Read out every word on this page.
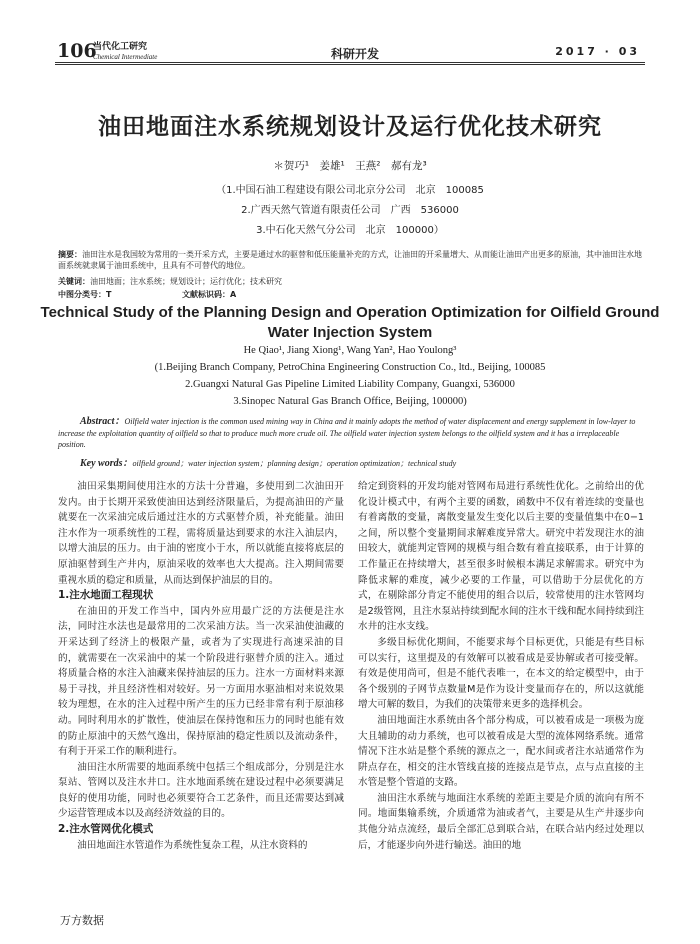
106
当代化工研究
Chemical Intermediate	科研开发	2017 · 03
油田地面注水系统规划设计及运行优化技术研究
＊贺巧¹　姜雄¹　王燕²　郝有龙³
（1.中国石油工程建设有限公司北京分公司　北京　100085
2.广西天然气管道有限责任公司　广西　536000
3.中石化天然气分公司　北京　100000）
摘要：油田注水是我国较为常用的一类开采方式，主要是通过水的驱替和低压能量补充的方式，让油田的开采量增大、从而能让油田产出更多的原油，其中油田注水地面系统就隶属于油田系统中，且具有不可替代的地位。
关键词：油田地面；注水系统；规划设计；运行优化；技术研究
中图分类号：T	文献标识码：A
Technical Study of the Planning Design and Operation Optimization for Oilfield Ground Water Injection System
He Qiao¹, Jiang Xiong¹, Wang Yan², Hao Youlong³
(1.Beijing Branch Company, PetroChina Engineering Construction Co., ltd., Beijing, 100085
2.Guangxi Natural Gas Pipeline Limited Liability Company, Guangxi, 536000
3.Sinopec Natural Gas Branch Office, Beijing, 100000)
Abstract：Oilfield water injection is the common used mining way in China and it mainly adopts the method of water displacement and energy supplement in low-layer to increase the exploitation quantity of oilfield so that to produce much more crude oil. The oilfield water injection system belongs to the oilfield system and it has a irreplaceable position.
Key words：oilfield ground；water injection system；planning design；operation optimization；technical study

油田采集期间使用注水的方法十分普遍，多使用到二次油田开发内。由于长期开采致使油田达到经济限量后，为提高油田的产量就要在一次采油完成后通过注水的方式驱替介质，补充能量。油田注水作为一项系统性的工程，需将质量达到要求的水注入油层内，以增大油层的压力。由于油的密度小于水，所以就能直接将底层的原油驱替到生产井内，原油采收的效率也大大提高。注入期间需要重视水质的稳定和质量，从而达到保护油层的目的。

1.注水地面工程现状

在油田的开发工作当中，国内外应用最广泛的方法便是注水法，同时注水法也是最常用的二次采油方法。当一次采油使油藏的开采达到了经济上的极限产量，或者为了实现进行高速采油的目的，就需要在一次采油中的某一个阶段进行驱替介质的注入。通过将质量合格的水注入油藏来保持油层的压力。注水一方面材料来源易于寻找，并且经济性相对较好。另一方面用水驱油相对来说效果较为理想，在水的注入过程中所产生的压力已经非常有利于原油移动。同时利用水的扩散性，使油层在保持饱和压力的同时也能有效的防止原油中的天然气逸出，保持原油的稳定性质以及流动条件，有利于开采工作的顺利进行。

油田注水所需要的地面系统中包括三个组成部分，分别是注水泵站、管网以及注水井口。注水地面系统在建设过程中必须要满足良好的使用功能，同时也必须要符合工艺条件，而且还需要达到减少运营管理成本以及高经济效益的目的。

2.注水管网优化模式

油田地面注水管道作为系统性复杂工程，从注水资料的

给定到资料的开发均能对管网布局进行系统性优化。之前给出的优化设计模式中，有两个主要的函数，函数中不仅有着连续的变量也有着离散的变量，离散变量发生变化以后主要的变量值集中在0−1之间，所以整个变量期间求解难度异常大。研究中若发现注水的油田较大，就能判定管网的规模与组合数有着直接联系，由于计算的工作量正在持续增大，甚至很多时候根本满足求解需求。研究中为降低求解的难度，减少必要的工作量，可以借助于分层优化的方式，在剔除部分肯定不能使用的组合以后，较常使用的注水管网均是2级管网，且注水泵站持续到配水间的注水干线和配水间持续到注水井的注水支线。

多级目标优化期间，不能要求每个目标更优，只能是有些目标可以实行，这里提及的有效解可以被看成是妥协解或者可接受解。有效是使用尚可，但是不能代表唯一，在本文的给定模型中，由于各个级别的子网节点数量M是作为设计变量而存在的，所以这就能增大可解的数目，为我们的决策带来更多的选择机会。

油田地面注水系统由各个部分构成，可以被看成是一项极为庞大且辅助的动力系统，也可以被看成是大型的流体网络系统。通常情况下注水站是整个系统的源点之一，配水间或者注水站通常作为阱点存在，相交的注水管线直接的连接点是节点，点与点直接的主水管是整个管道的支路。

油田注水系统与地面注水系统的差距主要是介质的流向有所不同。地面集输系统，介质通常为油或者气，主要是从生产井逐步向其他分站点流经，最后全部汇总到联合站，在联合站内经过处理以后，才能逐步向外进行输送。油田的地

万方数据
